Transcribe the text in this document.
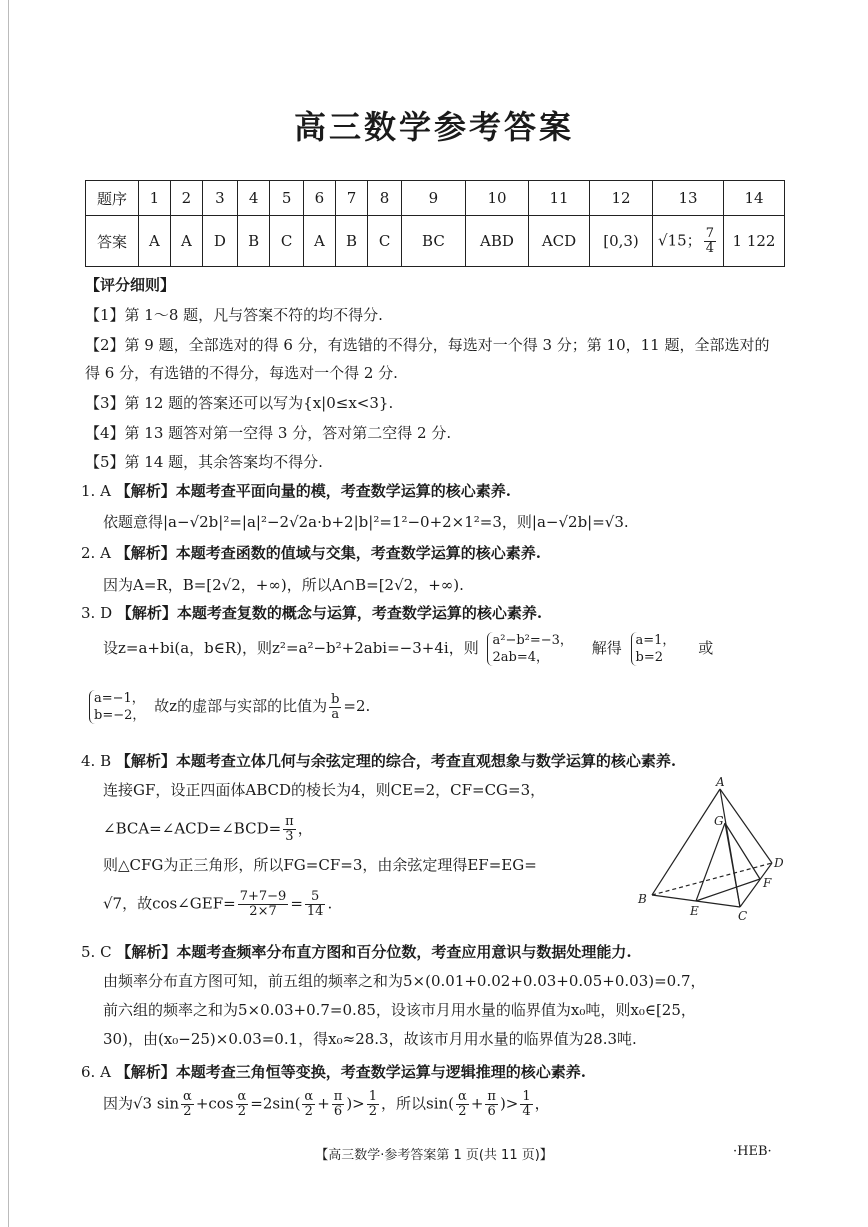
高三数学参考答案
题序	1	2	3	4	5	6	7	8	9	10	11	12	13	14
答案	A	A	D	B	C	A	B	C	BC	ABD	ACD	[0,3)	√15； $\frac{7}{4}$	1 122
【评分细则】
【1】第 1～8 题，凡与答案不符的均不得分.
【2】第 9 题，全部选对的得 6 分，有选错的不得分，每选对一个得 3 分；第 10，11 题，全部选对的
得 6 分，有选错的不得分，每选对一个得 2 分.
【3】第 12 题的答案还可以写为{x|0≤x<3}.
【4】第 13 题答对第一空得 3 分，答对第二空得 2 分.
【5】第 14 题，其余答案均不得分.
1. A 【解析】本题考查平面向量的模，考查数学运算的核心素养.
依题意得|a−√2b|²=|a|²−2√2a·b+2|b|²=1²−0+2×1²=3，则|a−√2b|=√3.
2. A 【解析】本题考查函数的值域与交集，考查数学运算的核心素养.
因为A=R，B=[2√2，+∞)，所以A∩B=[2√2，+∞).
3. D 【解析】本题考查复数的概念与运算，考查数学运算的核心素养.
设z=a+bi(a，b∈R)，则z²=a²−b²+2abi=−3+4i，则 a²−b²=−3，
2ab=4，
解得 a=1，
b=2
或
a=−1，
b=−2，
故z的虚部与实部的比值为 $\frac{b}{a} =2$.
4. B 【解析】本题考查立体几何与余弦定理的综合，考查直观想象与数学运算的核心素养.
连接GF，设正四面体ABCD的棱长为4，则CE=2，CF=CG=3，
∠BCA=∠ACD=∠BCD= $\frac{\pi}{3}$ ，
则△CFG为正三角形，所以FG=CF=3，由余弦定理得EF=EG=
√7，故cos∠GEF= $\frac{7+7-9}{2\times 7} = \frac{5}{14}$ .
5. C 【解析】本题考查频率分布直方图和百分位数，考查应用意识与数据处理能力.
由频率分布直方图可知，前五组的频率之和为5×(0.01+0.02+0.03+0.05+0.03)=0.7，
前六组的频率之和为5×0.03+0.7=0.85，设该市月用水量的临界值为x₀吨，则x₀∈[25，
30)，由(x₀−25)×0.03=0.1，得x₀≈28.3，故该市月用水量的临界值为28.3吨.
6. A 【解析】本题考查三角恒等变换，考查数学运算与逻辑推理的核心素养.
因为√3 $\sin \frac{\alpha}{2} +\cos \frac{\alpha}{2} =2\sin( \frac{\alpha}{2} + \frac{\pi}{6}$ )> $\frac{1}{2}$ ，所以$\sin( \frac{\alpha}{2} + \frac{\pi}{6}$ )> $\frac{1}{4}$ ，
A
G
D
F
B
E	C
【高三数学·参考答案第 1 页(共 11 页)】	·HEB·
